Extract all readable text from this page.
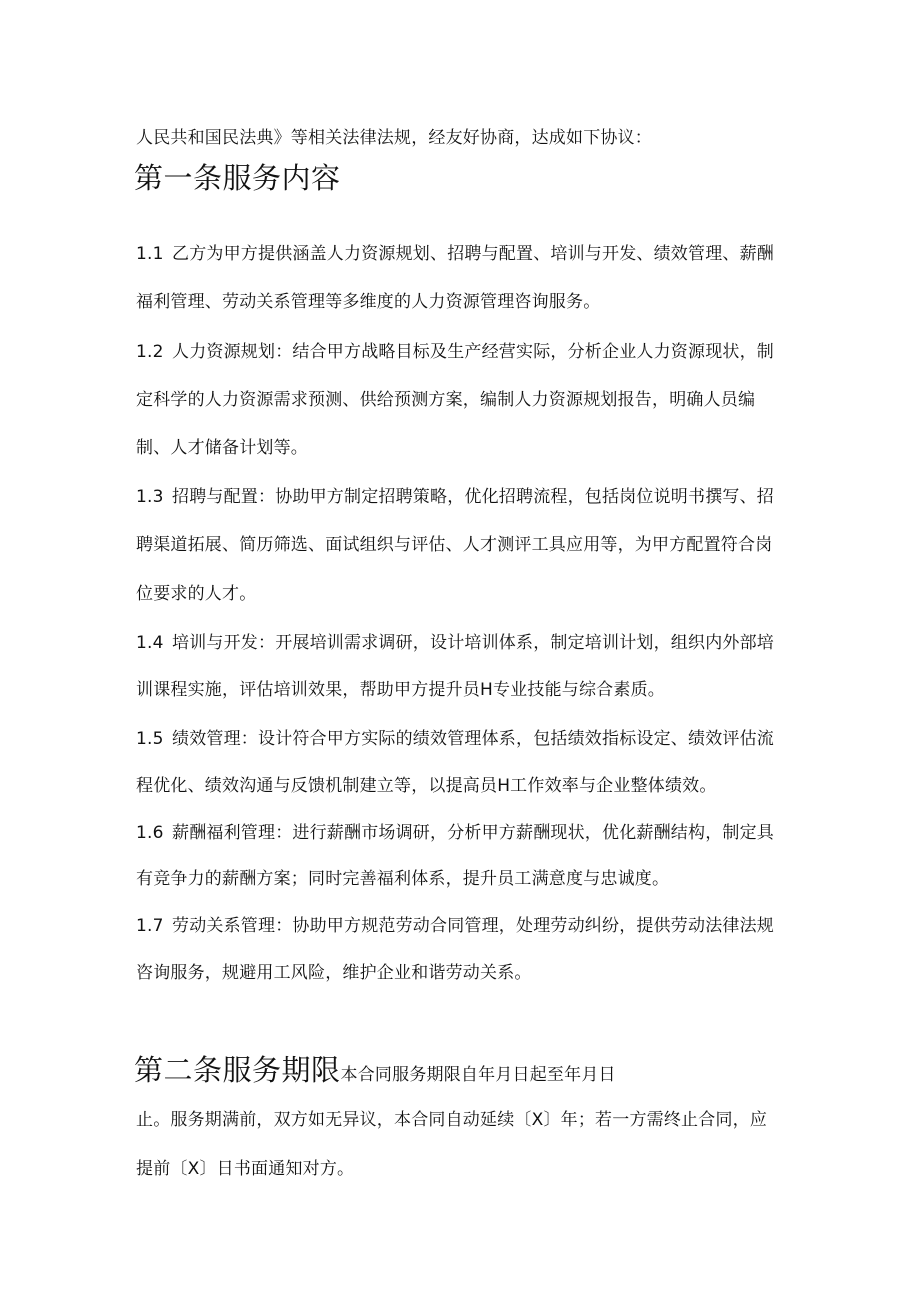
人民共和国民法典》等相关法律法规，经友好协商，达成如下协议：
第一条服务内容
1.1 乙方为甲方提供涵盖人力资源规划、招聘与配置、培训与开发、绩效管理、薪酬
福利管理、劳动关系管理等多维度的人力资源管理咨询服务。
1.2 人力资源规划：结合甲方战略目标及生产经营实际，分析企业人力资源现状，制
定科学的人力资源需求预测、供给预测方案，编制人力资源规划报告，明确人员编
制、人才储备计划等。
1.3 招聘与配置：协助甲方制定招聘策略，优化招聘流程，包括岗位说明书撰写、招
聘渠道拓展、简历筛选、面试组织与评估、人才测评工具应用等，为甲方配置符合岗
位要求的人才。
1.4 培训与开发：开展培训需求调研，设计培训体系，制定培训计划，组织内外部培
训课程实施，评估培训效果，帮助甲方提升员H专业技能与综合素质。
1.5 绩效管理：设计符合甲方实际的绩效管理体系，包括绩效指标设定、绩效评估流
程优化、绩效沟通与反馈机制建立等，以提高员H工作效率与企业整体绩效。
1.6 薪酬福利管理：进行薪酬市场调研，分析甲方薪酬现状，优化薪酬结构，制定具
有竞争力的薪酬方案；同时完善福利体系，提升员工满意度与忠诚度。
1.7 劳动关系管理：协助甲方规范劳动合同管理，处理劳动纠纷，提供劳动法律法规
咨询服务，规避用工风险，维护企业和谐劳动关系。
第二条服务期限本合同服务期限自年月日起至年月日
止。服务期满前，双方如无异议，本合同自动延续〔X〕年；若一方需终止合同，应
提前〔X〕日书面通知对方。
